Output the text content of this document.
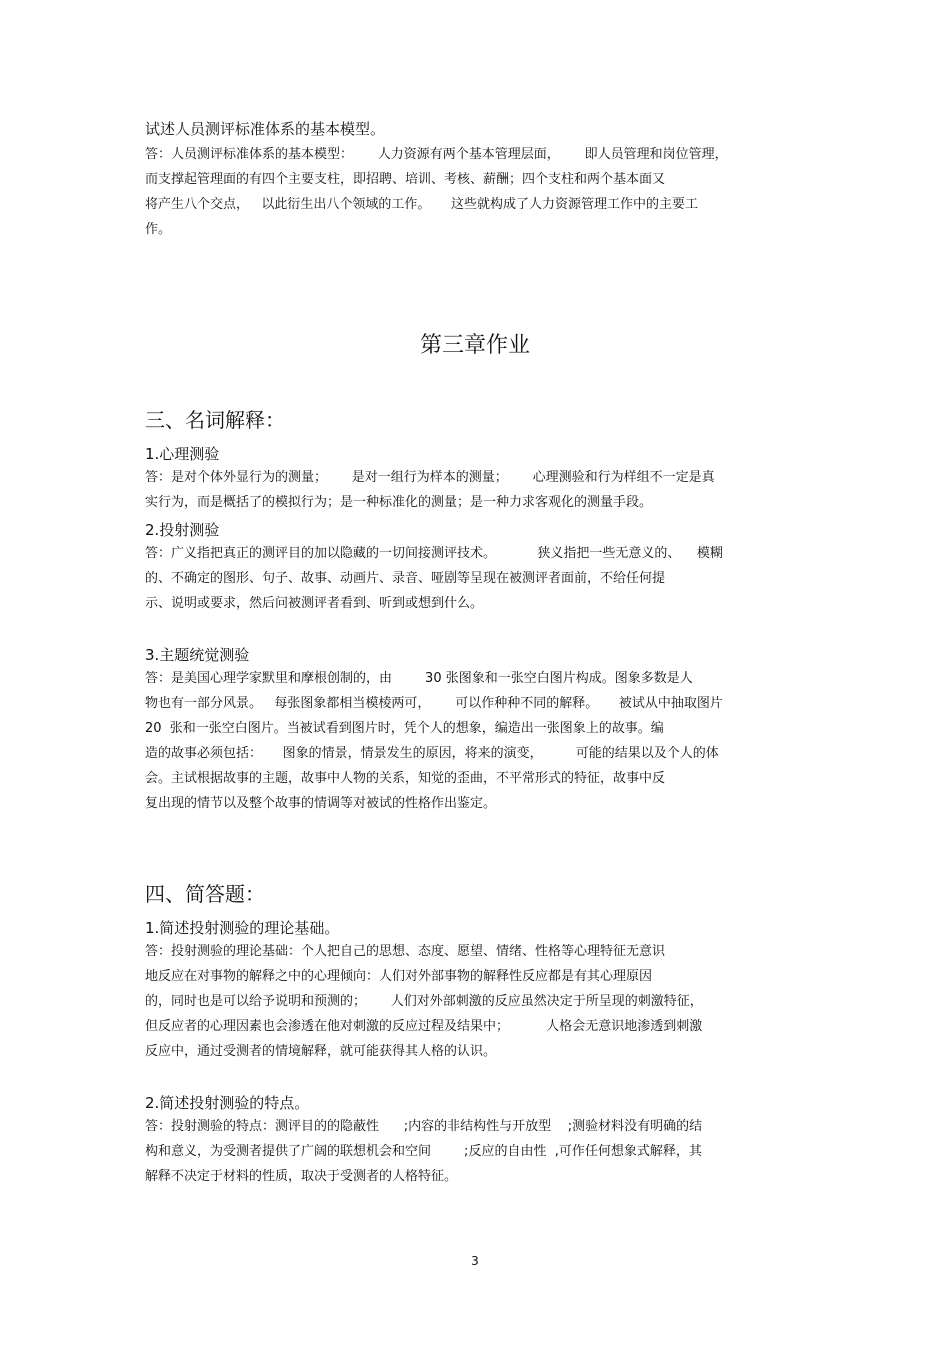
试述人员测评标准体系的基本模型。
答：人员测评标准体系的基本模型：      人力资源有两个基本管理层面，      即人员管理和岗位管理，
而支撑起管理面的有四个主要支柱，即招聘、培训、考核、薪酬；四个支柱和两个基本面又
将产生八个交点，   以此衍生出八个领域的工作。     这些就构成了人力资源管理工作中的主要工
作。
第三章作业
三、名词解释：
1.心理测验
答：是对个体外显行为的测量；      是对一组行为样本的测量；      心理测验和行为样组不一定是真
实行为，而是概括了的模拟行为；是一种标准化的测量；是一种力求客观化的测量手段。
2.投射测验
答：广义指把真正的测评目的加以隐藏的一切间接测评技术。          狭义指把一些无意义的、    模糊
的、不确定的图形、句子、故事、动画片、录音、哑剧等呈现在被测评者面前，不给任何提
示、说明或要求，然后问被测评者看到、听到或想到什么。
3.主题统觉测验
答：是美国心理学家默里和摩根创制的，由        30 张图象和一张空白图片构成。图象多数是人
物也有一部分风景。   每张图象都相当模棱两可，      可以作种种不同的解释。     被试从中抽取图片
20  张和一张空白图片。当被试看到图片时，凭个人的想象，编造出一张图象上的故事。编
造的故事必须包括：     图象的情景，情景发生的原因，将来的演变，        可能的结果以及个人的体
会。主试根据故事的主题，故事中人物的关系，知觉的歪曲，不平常形式的特征，故事中反
复出现的情节以及整个故事的情调等对被试的性格作出鉴定。
四、简答题：
1.简述投射测验的理论基础。
答：投射测验的理论基础：个人把自己的思想、态度、愿望、情绪、性格等心理特征无意识
地反应在对事物的解释之中的心理倾向：人们对外部事物的解释性反应都是有其心理原因
的，同时也是可以给予说明和预测的；      人们对外部刺激的反应虽然决定于所呈现的刺激特征，
但反应者的心理因素也会渗透在他对刺激的反应过程及结果中；         人格会无意识地渗透到刺激
反应中，通过受测者的情境解释，就可能获得其人格的认识。
2.简述投射测验的特点。
答：投射测验的特点：测评目的的隐蔽性      ;内容的非结构性与开放型    ;测验材料没有明确的结
构和意义，为受测者提供了广阔的联想机会和空间        ;反应的自由性  ,可作任何想象式解释，其
解释不决定于材料的性质，取决于受测者的人格特征。
3
